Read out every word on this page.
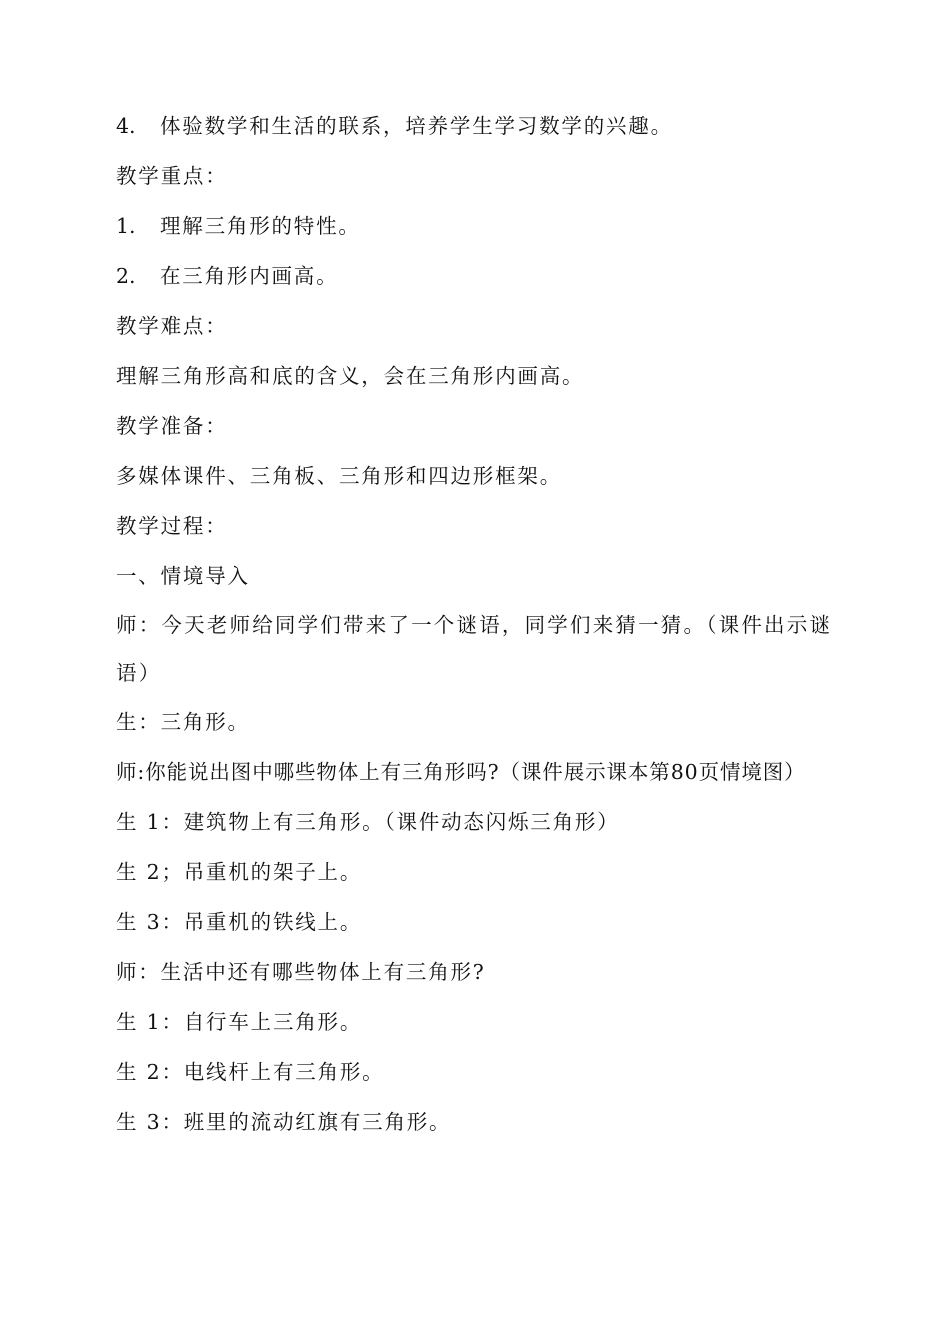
4. 体验数学和生活的联系，培养学生学习数学的兴趣。
教学重点：
1. 理解三角形的特性。
2. 在三角形内画高。
教学难点：
理解三角形高和底的含义，会在三角形内画高。
教学准备：
多媒体课件、三角板、三角形和四边形框架。
教学过程：
一、情境导入
师：今天老师给同学们带来了一个谜语，同学们来猜一猜。（课件出示谜语）
生：三角形。
师:你能说出图中哪些物体上有三角形吗?（课件展示课本第80页情境图）
生 1：建筑物上有三角形。（课件动态闪烁三角形）
生 2；吊重机的架子上。
生 3：吊重机的铁线上。
师：生活中还有哪些物体上有三角形?
生 1：自行车上三角形。
生 2：电线杆上有三角形。
生 3：班里的流动红旗有三角形。
